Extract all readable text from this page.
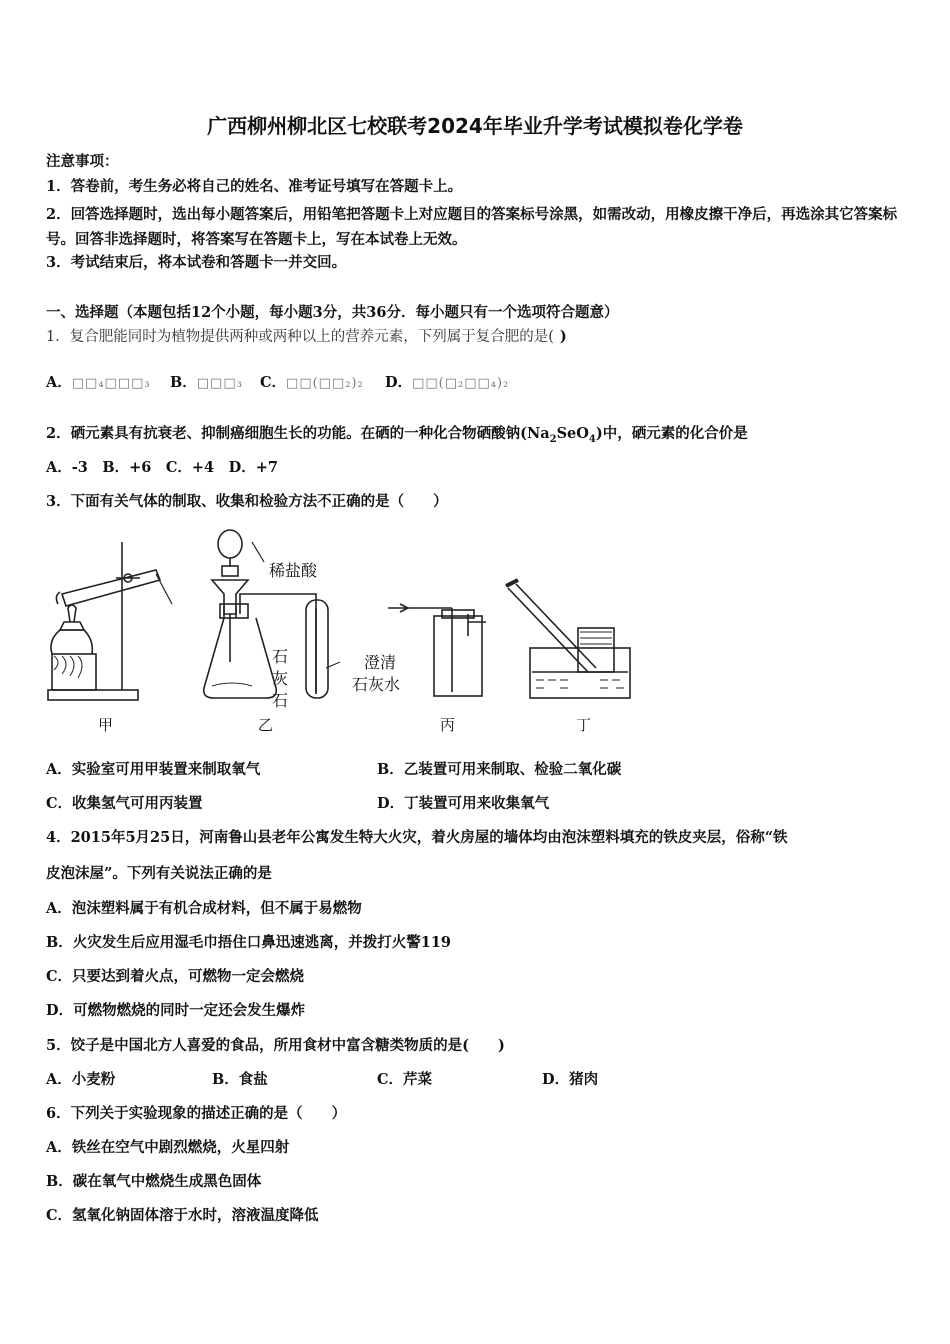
广西柳州柳北区七校联考2024年毕业升学考试模拟卷化学卷
注意事项：
1．答卷前，考生务必将自己的姓名、准考证号填写在答题卡上。
2．回答选择题时，选出每小题答案后，用铅笔把答题卡上对应题目的答案标号涂黑，如需改动，用橡皮擦干净后，再选涂其它答案标号。回答非选择题时，将答案写在答题卡上，写在本试卷上无效。
3．考试结束后，将本试卷和答题卡一并交回。
一、选择题（本题包括12个小题，每小题3分，共36分．每小题只有一个选项符合题意）
1．复合肥能同时为植物提供两种或两种以上的营养元素，下列属于复合肥的是( )
A．□□₄□□□₃ B．□□□₃ C．□□(□□₂)₂ D．□□(□₂□□₄)₂
2．硒元素具有抗衰老、抑制癌细胞生长的功能。在硒的一种化合物硒酸钠$(Na_2SeO_4)$中，硒元素的化合价是
A．-3　B．+6　C．+4　D．+7
3．下面有关气体的制取、收集和检验方法不正确的是（　　）
稀盐酸
石
灰
石
澄清
石灰水
甲	乙	丙	丁
A．实验室可用甲装置来制取氧气	B．乙装置可用来制取、检验二氧化碳
C．收集氢气可用丙装置	D．丁装置可用来收集氧气
4．2015年5月25日，河南鲁山县老年公寓发生特大火灾，着火房屋的墙体均由泡沫塑料填充的铁皮夹层，俗称“铁
皮泡沫屋”。下列有关说法正确的是
A．泡沫塑料属于有机合成材料，但不属于易燃物
B．火灾发生后应用湿毛巾捂住口鼻迅速逃离，并拨打火警119
C．只要达到着火点，可燃物一定会燃烧
D．可燃物燃烧的同时一定还会发生爆炸
5．饺子是中国北方人喜爱的食品，所用食材中富含糖类物质的是(　　)
A．小麦粉	B．食盐	C．芹菜	D．猪肉
6．下列关于实验现象的描述正确的是（　　）
A．铁丝在空气中剧烈燃烧，火星四射
B．碳在氧气中燃烧生成黑色固体
C．氢氧化钠固体溶于水时，溶液温度降低
